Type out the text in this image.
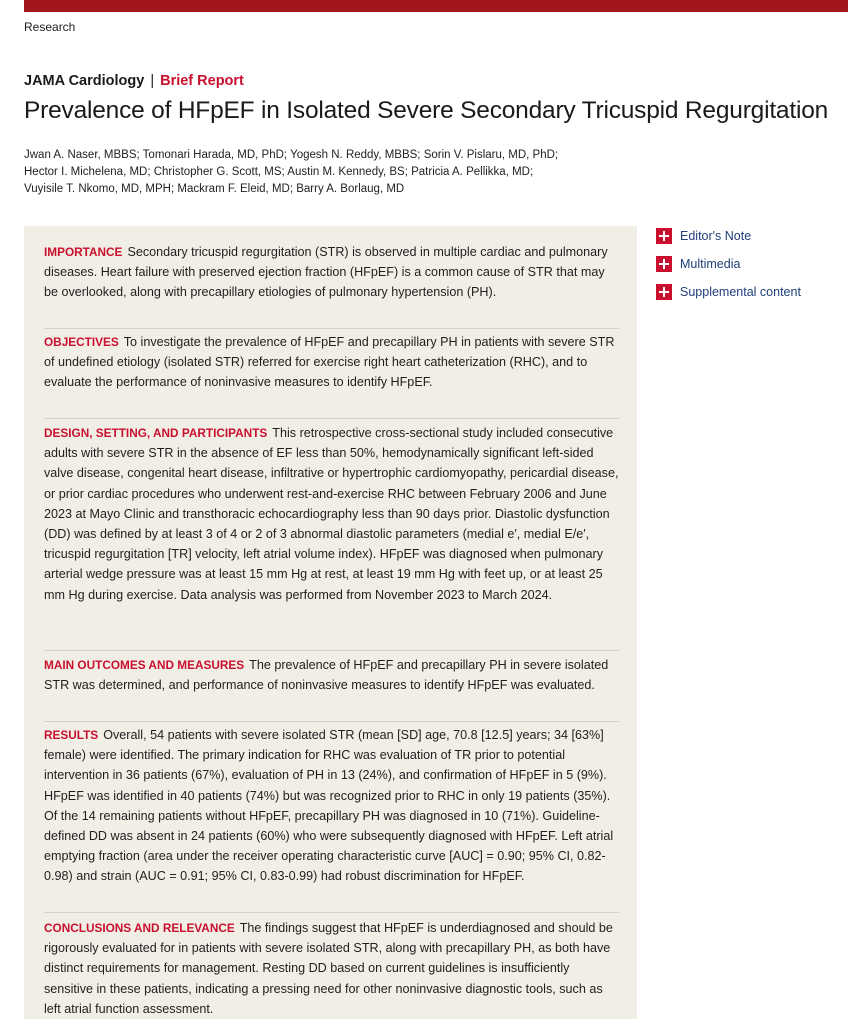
Research
JAMA Cardiology | Brief Report
Prevalence of HFpEF in Isolated Severe Secondary Tricuspid Regurgitation
Jwan A. Naser, MBBS; Tomonari Harada, MD, PhD; Yogesh N. Reddy, MBBS; Sorin V. Pislaru, MD, PhD;
Hector I. Michelena, MD; Christopher G. Scott, MS; Austin M. Kennedy, BS; Patricia A. Pellikka, MD;
Vuyisile T. Nkomo, MD, MPH; Mackram F. Eleid, MD; Barry A. Borlaug, MD
IMPORTANCE Secondary tricuspid regurgitation (STR) is observed in multiple cardiac and pulmonary diseases. Heart failure with preserved ejection fraction (HFpEF) is a common cause of STR that may be overlooked, along with precapillary etiologies of pulmonary hypertension (PH).
OBJECTIVES To investigate the prevalence of HFpEF and precapillary PH in patients with severe STR of undefined etiology (isolated STR) referred for exercise right heart catheterization (RHC), and to evaluate the performance of noninvasive measures to identify HFpEF.
DESIGN, SETTING, AND PARTICIPANTS This retrospective cross-sectional study included consecutive adults with severe STR in the absence of EF less than 50%, hemodynamically significant left-sided valve disease, congenital heart disease, infiltrative or hypertrophic cardiomyopathy, pericardial disease, or prior cardiac procedures who underwent rest-and-exercise RHC between February 2006 and June 2023 at Mayo Clinic and transthoracic echocardiography less than 90 days prior. Diastolic dysfunction (DD) was defined by at least 3 of 4 or 2 of 3 abnormal diastolic parameters (medial e′, medial E/e′, tricuspid regurgitation [TR] velocity, left atrial volume index). HFpEF was diagnosed when pulmonary arterial wedge pressure was at least 15 mm Hg at rest, at least 19 mm Hg with feet up, or at least 25 mm Hg during exercise. Data analysis was performed from November 2023 to March 2024.
MAIN OUTCOMES AND MEASURES The prevalence of HFpEF and precapillary PH in severe isolated STR was determined, and performance of noninvasive measures to identify HFpEF was evaluated.
RESULTS Overall, 54 patients with severe isolated STR (mean [SD] age, 70.8 [12.5] years; 34 [63%] female) were identified. The primary indication for RHC was evaluation of TR prior to potential intervention in 36 patients (67%), evaluation of PH in 13 (24%), and confirmation of HFpEF in 5 (9%). HFpEF was identified in 40 patients (74%) but was recognized prior to RHC in only 19 patients (35%). Of the 14 remaining patients without HFpEF, precapillary PH was diagnosed in 10 (71%). Guideline-defined DD was absent in 24 patients (60%) who were subsequently diagnosed with HFpEF. Left atrial emptying fraction (area under the receiver operating characteristic curve [AUC] = 0.90; 95% CI, 0.82-0.98) and strain (AUC = 0.91; 95% CI, 0.83-0.99) had robust discrimination for HFpEF.
CONCLUSIONS AND RELEVANCE The findings suggest that HFpEF is underdiagnosed and should be rigorously evaluated for in patients with severe isolated STR, along with precapillary PH, as both have distinct requirements for management. Resting DD based on current guidelines is insufficiently sensitive in these patients, indicating a pressing need for other noninvasive diagnostic tools, such as left atrial function assessment.
Editor's Note
Multimedia
Supplemental content
